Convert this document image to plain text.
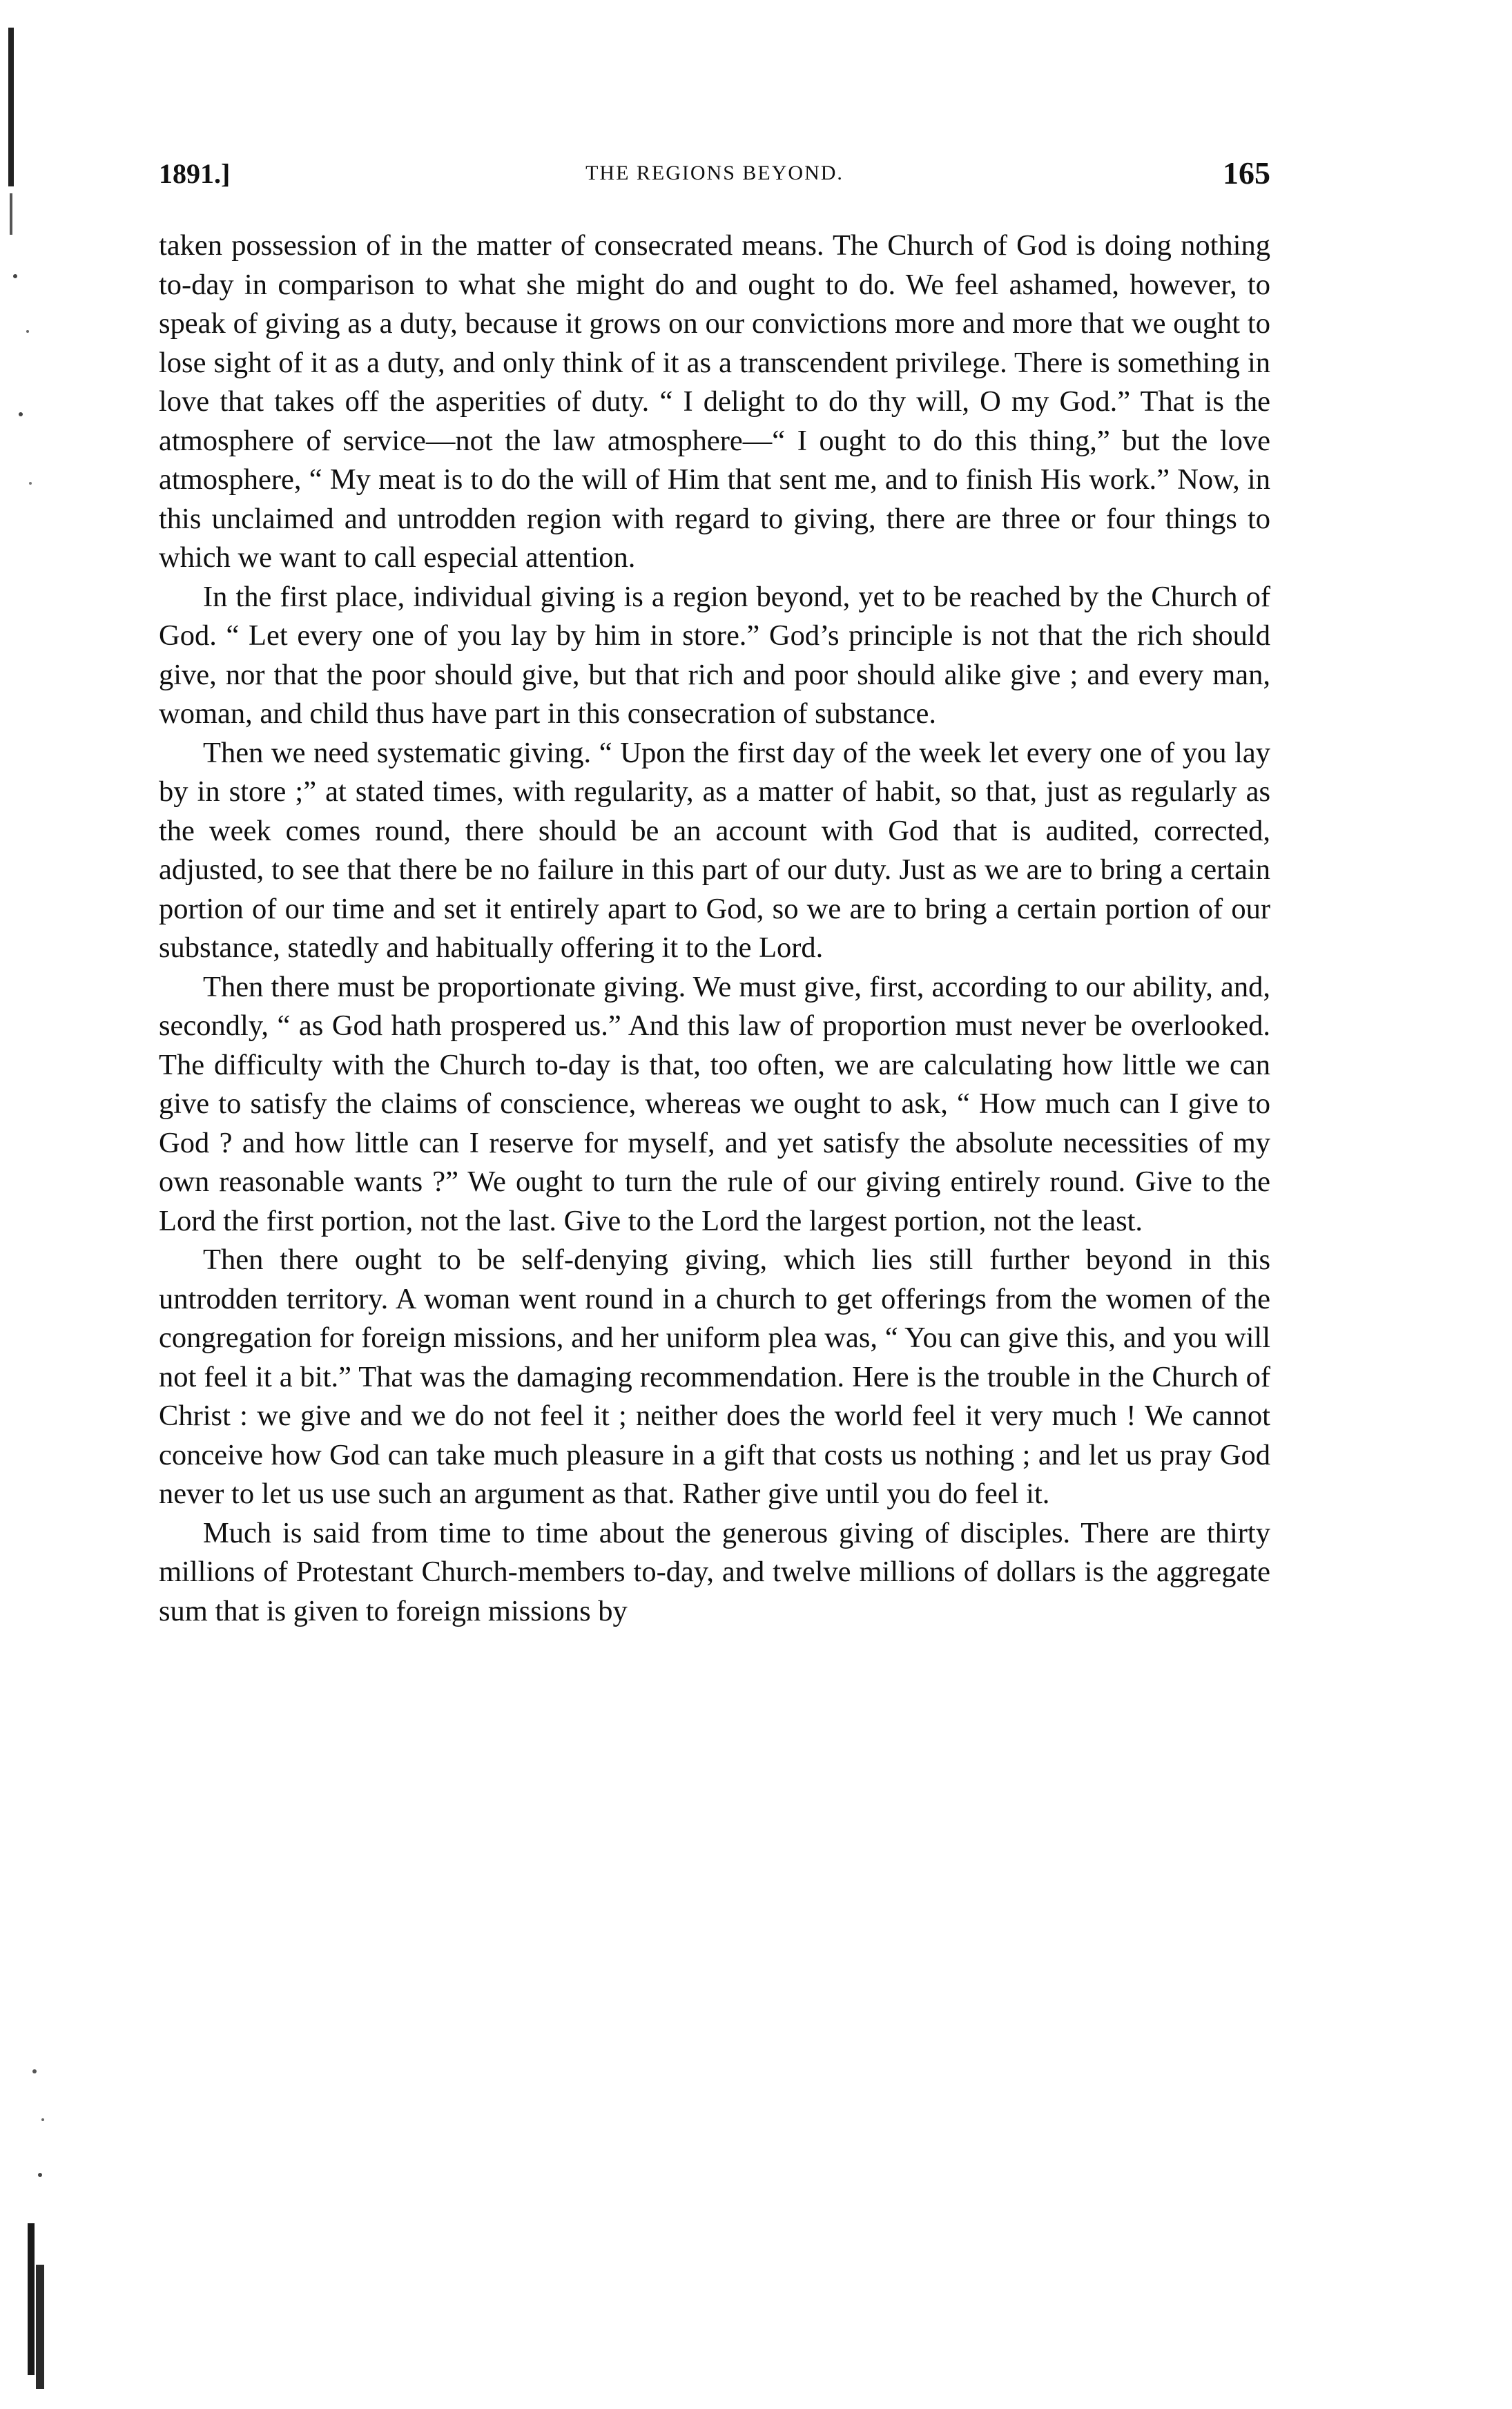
1891.]	THE REGIONS BEYOND.	165

taken possession of in the matter of consecrated means. The Church of God is doing nothing to-day in comparison to what she might do and ought to do. We feel ashamed, however, to speak of giving as a duty, because it grows on our convictions more and more that we ought to lose sight of it as a duty, and only think of it as a transcendent privilege. There is something in love that takes off the asperities of duty. “ I delight to do thy will, O my God.” That is the atmosphere of service—not the law atmosphere—“ I ought to do this thing,” but the love atmosphere, “ My meat is to do the will of Him that sent me, and to finish His work.” Now, in this unclaimed and untrodden region with regard to giving, there are three or four things to which we want to call especial attention.

In the first place, individual giving is a region beyond, yet to be reached by the Church of God. “ Let every one of you lay by him in store.” God’s principle is not that the rich should give, nor that the poor should give, but that rich and poor should alike give ; and every man, woman, and child thus have part in this consecration of substance.

Then we need systematic giving. “ Upon the first day of the week let every one of you lay by in store ;” at stated times, with regularity, as a matter of habit, so that, just as regularly as the week comes round, there should be an account with God that is audited, corrected, adjusted, to see that there be no failure in this part of our duty. Just as we are to bring a certain portion of our time and set it entirely apart to God, so we are to bring a certain portion of our substance, statedly and habitually offering it to the Lord.

Then there must be proportionate giving. We must give, first, according to our ability, and, secondly, “ as God hath prospered us.” And this law of proportion must never be overlooked. The difficulty with the Church to-day is that, too often, we are calculating how little we can give to satisfy the claims of conscience, whereas we ought to ask, “ How much can I give to God ? and how little can I reserve for myself, and yet satisfy the absolute necessities of my own reasonable wants ?” We ought to turn the rule of our giving entirely round. Give to the Lord the first portion, not the last. Give to the Lord the largest portion, not the least.

Then there ought to be self-denying giving, which lies still further beyond in this untrodden territory. A woman went round in a church to get offerings from the women of the congregation for foreign missions, and her uniform plea was, “ You can give this, and you will not feel it a bit.” That was the damaging recommendation. Here is the trouble in the Church of Christ : we give and we do not feel it ; neither does the world feel it very much ! We cannot conceive how God can take much pleasure in a gift that costs us nothing ; and let us pray God never to let us use such an argument as that. Rather give until you do feel it.

Much is said from time to time about the generous giving of disciples. There are thirty millions of Protestant Church-members to-day, and twelve millions of dollars is the aggregate sum that is given to foreign missions by
